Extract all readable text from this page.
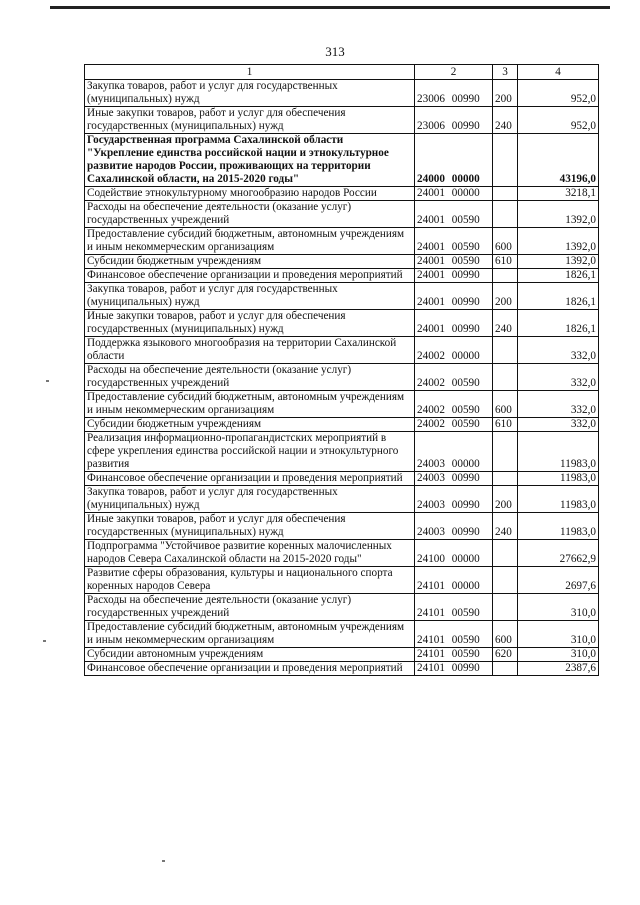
313
1	2	3	4
Закупка товаров, работ и услуг для государственных (муниципальных) нужд	23006 00990	200	952,0
Иные закупки товаров, работ и услуг для обеспечения государственных (муниципальных) нужд	23006 00990	240	952,0
Государственная программа Сахалинской области "Укрепление единства российской нации и этнокультурное развитие народов России, проживающих на территории Сахалинской области, на 2015-2020 годы"	24000 00000		43196,0
Содействие этнокультурному многообразию народов России	24001 00000		3218,1
Расходы на обеспечение деятельности (оказание услуг) государственных учреждений	24001 00590		1392,0
Предоставление субсидий бюджетным, автономным учреждениям и иным некоммерческим организациям	24001 00590	600	1392,0
Субсидии бюджетным учреждениям	24001 00590	610	1392,0
Финансовое обеспечение организации и проведения мероприятий	24001 00990		1826,1
Закупка товаров, работ и услуг для государственных (муниципальных) нужд	24001 00990	200	1826,1
Иные закупки товаров, работ и услуг для обеспечения государственных (муниципальных) нужд	24001 00990	240	1826,1
Поддержка языкового многообразия на территории Сахалинской области	24002 00000		332,0
Расходы на обеспечение деятельности (оказание услуг) государственных учреждений	24002 00590		332,0
Предоставление субсидий бюджетным, автономным учреждениям и иным некоммерческим организациям	24002 00590	600	332,0
Субсидии бюджетным учреждениям	24002 00590	610	332,0
Реализация информационно-пропагандистских мероприятий в сфере укрепления единства российской нации и этнокультурного развития	24003 00000		11983,0
Финансовое обеспечение организации и проведения мероприятий	24003 00990		11983,0
Закупка товаров, работ и услуг для государственных (муниципальных) нужд	24003 00990	200	11983,0
Иные закупки товаров, работ и услуг для обеспечения государственных (муниципальных) нужд	24003 00990	240	11983,0
Подпрограмма "Устойчивое развитие коренных малочисленных народов Севера Сахалинской области на 2015-2020 годы"	24100 00000		27662,9
Развитие сферы образования, культуры и национального спорта коренных народов Севера	24101 00000		2697,6
Расходы на обеспечение деятельности (оказание услуг) государственных учреждений	24101 00590		310,0
Предоставление субсидий бюджетным, автономным учреждениям и иным некоммерческим организациям	24101 00590	600	310,0
Субсидии автономным учреждениям	24101 00590	620	310,0
Финансовое обеспечение организации и проведения мероприятий	24101 00990		2387,6
